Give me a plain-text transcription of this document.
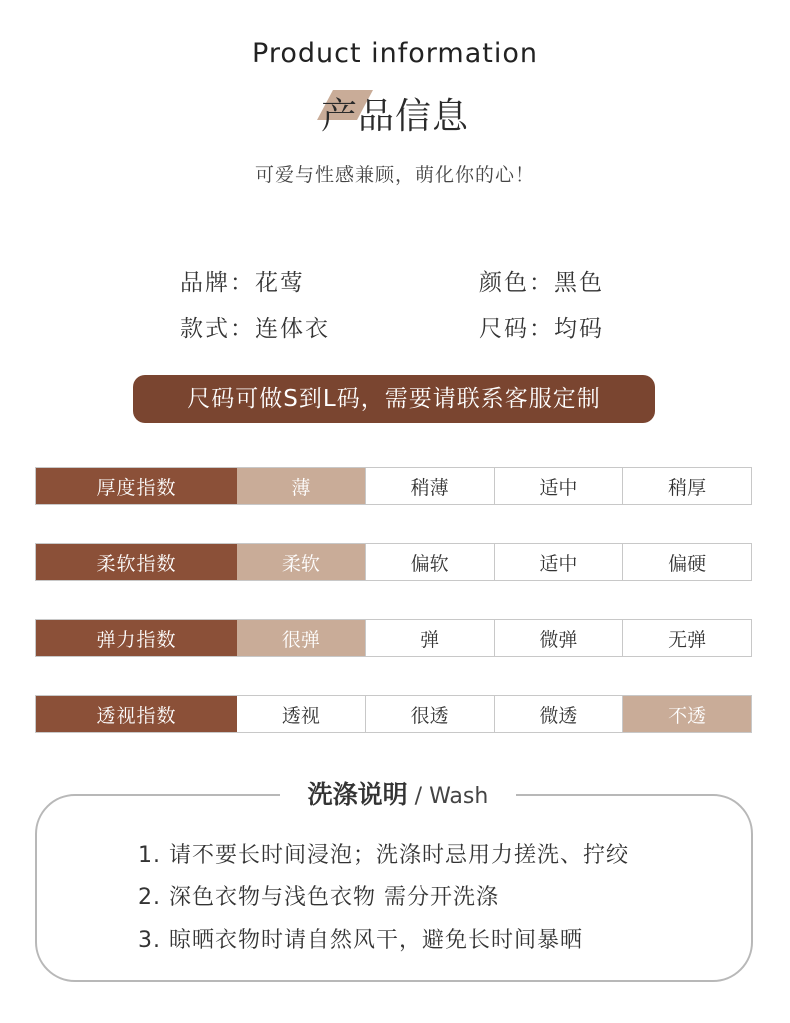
Product information
产品信息
可爱与性感兼顾，萌化你的心！
品牌：花莺	颜色：黑色
款式：连体衣	尺码：均码
尺码可做S到L码，需要请联系客服定制
厚度指数	薄	稍薄	适中	稍厚
柔软指数	柔软	偏软	适中	偏硬
弹力指数	很弹	弹	微弹	无弹
透视指数	透视	很透	微透	不透
洗涤说明 / Wash
1. 请不要长时间浸泡；洗涤时忌用力搓洗、拧绞
2. 深色衣物与浅色衣物 需分开洗涤
3. 晾晒衣物时请自然风干，避免长时间暴晒
